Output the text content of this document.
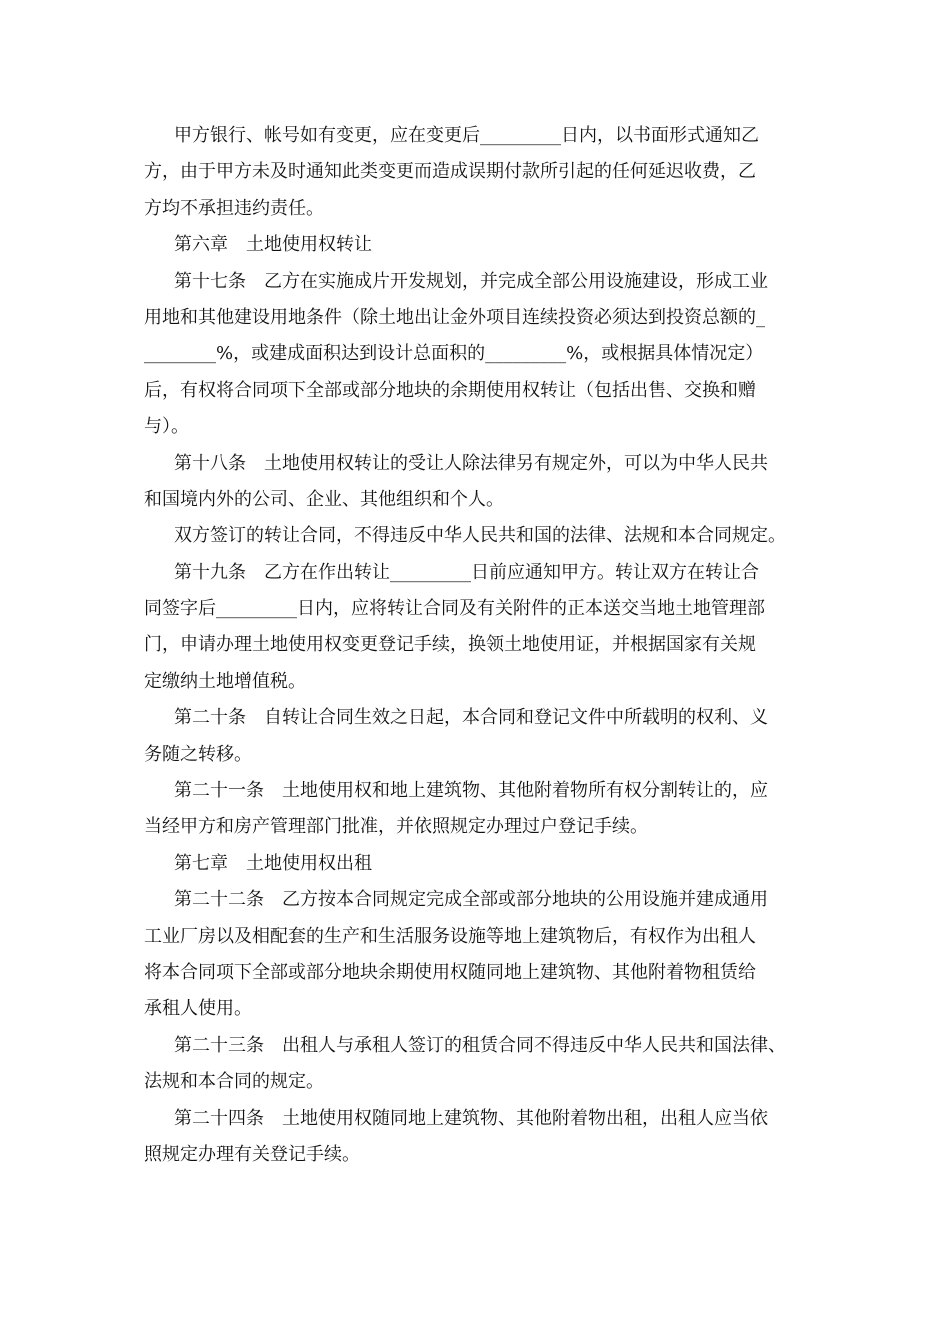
甲方银行、帐号如有变更，应在变更后_________日内，以书面形式通知乙
方，由于甲方未及时通知此类变更而造成误期付款所引起的任何延迟收费，乙
方均不承担违约责任。
第六章　土地使用权转让
第十七条　乙方在实施成片开发规划，并完成全部公用设施建设，形成工业
用地和其他建设用地条件（除土地出让金外项目连续投资必须达到投资总额的_
________%，或建成面积达到设计总面积的_________%，或根据具体情况定）
后，有权将合同项下全部或部分地块的余期使用权转让（包括出售、交换和赠
与）。
第十八条　土地使用权转让的受让人除法律另有规定外，可以为中华人民共
和国境内外的公司、企业、其他组织和个人。
双方签订的转让合同，不得违反中华人民共和国的法律、法规和本合同规定。
第十九条　乙方在作出转让_________日前应通知甲方。转让双方在转让合
同签字后_________日内，应将转让合同及有关附件的正本送交当地土地管理部
门，申请办理土地使用权变更登记手续，换领土地使用证，并根据国家有关规
定缴纳土地增值税。
第二十条　自转让合同生效之日起，本合同和登记文件中所载明的权利、义
务随之转移。
第二十一条　土地使用权和地上建筑物、其他附着物所有权分割转让的，应
当经甲方和房产管理部门批准，并依照规定办理过户登记手续。
第七章　土地使用权出租
第二十二条　乙方按本合同规定完成全部或部分地块的公用设施并建成通用
工业厂房以及相配套的生产和生活服务设施等地上建筑物后，有权作为出租人
将本合同项下全部或部分地块余期使用权随同地上建筑物、其他附着物租赁给
承租人使用。
第二十三条　出租人与承租人签订的租赁合同不得违反中华人民共和国法律、
法规和本合同的规定。
第二十四条　土地使用权随同地上建筑物、其他附着物出租，出租人应当依
照规定办理有关登记手续。
